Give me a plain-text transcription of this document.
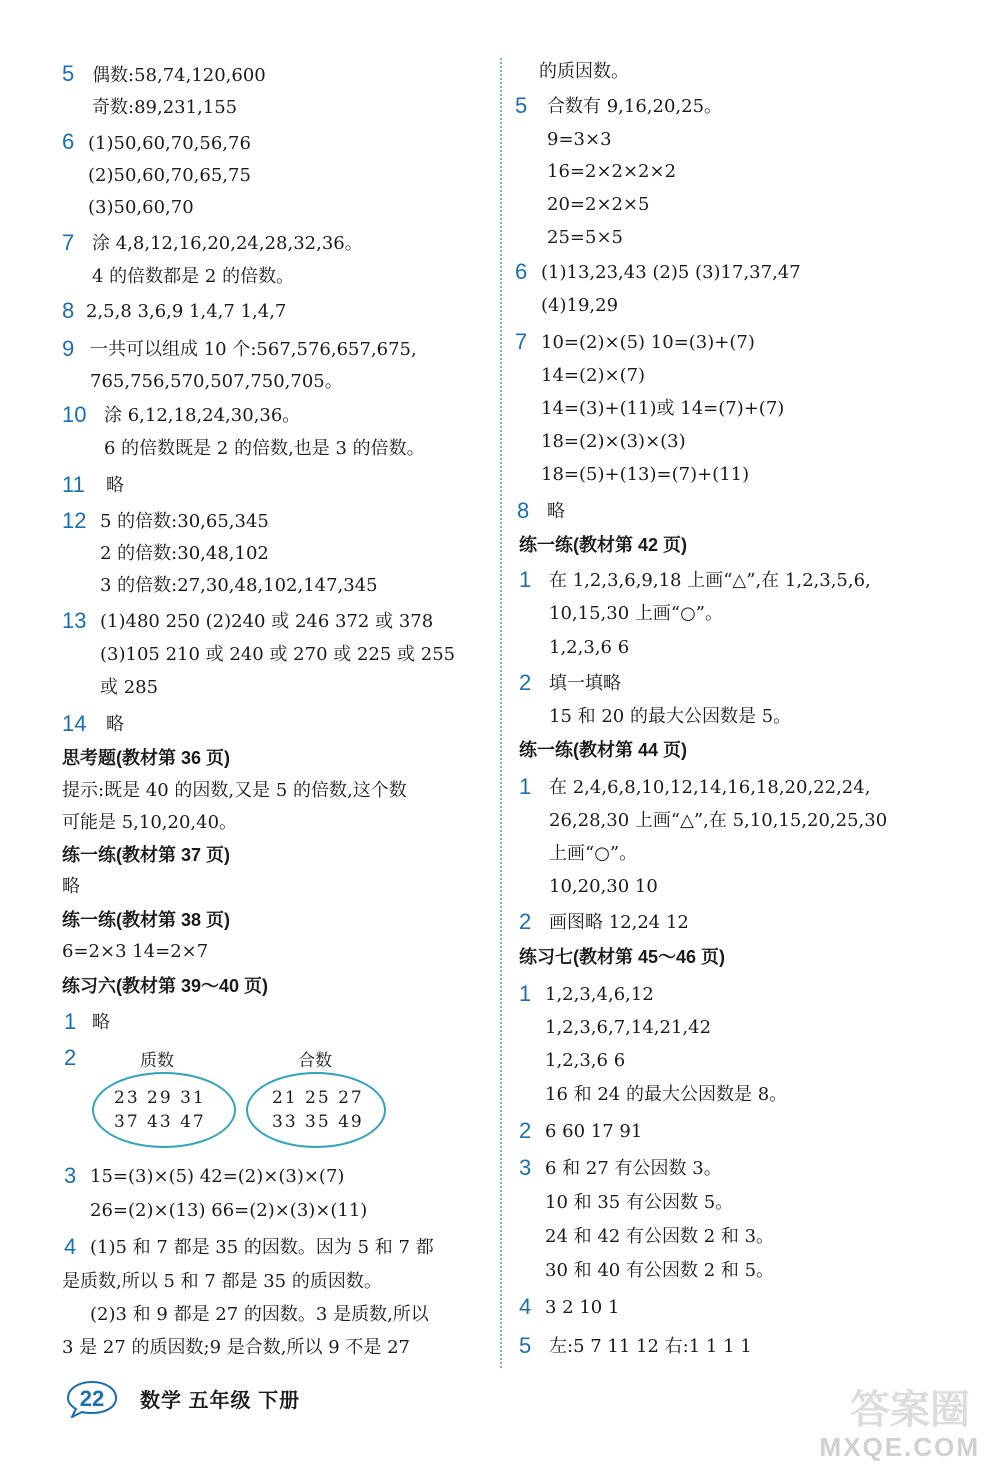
5 偶数:58,74,120,600
奇数:89,231,155
6 (1)50,60,70,56,76
(2)50,60,70,65,75
(3)50,60,70
7 涂 4,8,12,16,20,24,28,32,36。
4 的倍数都是 2 的倍数。
8 2,5,8 3,6,9 1,4,7 1,4,7
9 一共可以组成 10 个:567,576,657,675,
765,756,570,507,750,705。
10 涂 6,12,18,24,30,36。
6 的倍数既是 2 的倍数,也是 3 的倍数。
11 略
12 5 的倍数:30,65,345
2 的倍数:30,48,102
3 的倍数:27,30,48,102,147,345
13 (1)480 250 (2)240 或 246 372 或 378
(3)105 210 或 240 或 270 或 225 或 255
或 285
14 略
思考题(教材第 36 页)
提示:既是 40 的因数,又是 5 的倍数,这个数
可能是 5,10,20,40。
练一练(教材第 37 页)
略
练一练(教材第 38 页)
6=2×3 14=2×7
练习六(教材第 39～40 页)
1 略
2	质数	合数
23 29 31
37 43 47
21 25 27
33 35 49
3 15=(3)×(5) 42=(2)×(3)×(7)
26=(2)×(13) 66=(2)×(3)×(11)
4 (1)5 和 7 都是 35 的因数。因为 5 和 7 都
是质数,所以 5 和 7 都是 35 的质因数。
(2)3 和 9 都是 27 的因数。3 是质数,所以
3 是 27 的质因数;9 是合数,所以 9 不是 27
的质因数。
5 合数有 9,16,20,25。
9=3×3
16=2×2×2×2
20=2×2×5
25=5×5
6 (1)13,23,43 (2)5 (3)17,37,47
(4)19,29
7 10=(2)×(5) 10=(3)+(7)
14=(2)×(7)
14=(3)+(11)或 14=(7)+(7)
18=(2)×(3)×(3)
18=(5)+(13)=(7)+(11)
8 略
练一练(教材第 42 页)
1 在 1,2,3,6,9,18 上画“△”,在 1,2,3,5,6,
10,15,30 上画“○”。
1,2,3,6 6
2 填一填略
15 和 20 的最大公因数是 5。
练一练(教材第 44 页)
1 在 2,4,6,8,10,12,14,16,18,20,22,24,
26,28,30 上画“△”,在 5,10,15,20,25,30
上画“○”。
10,20,30 10
2 画图略 12,24 12
练习七(教材第 45～46 页)
1 1,2,3,4,6,12
1,2,3,6,7,14,21,42
1,2,3,6 6
16 和 24 的最大公因数是 8。
2 6 60 17 91
3 6 和 27 有公因数 3。
10 和 35 有公因数 5。
24 和 42 有公因数 2 和 3。
30 和 40 有公因数 2 和 5。
4 3 2 10 1
5 左:5 7 11 12 右:1 1 1 1
22	数学 五年级 下册	答案圈
MXQE.COM
